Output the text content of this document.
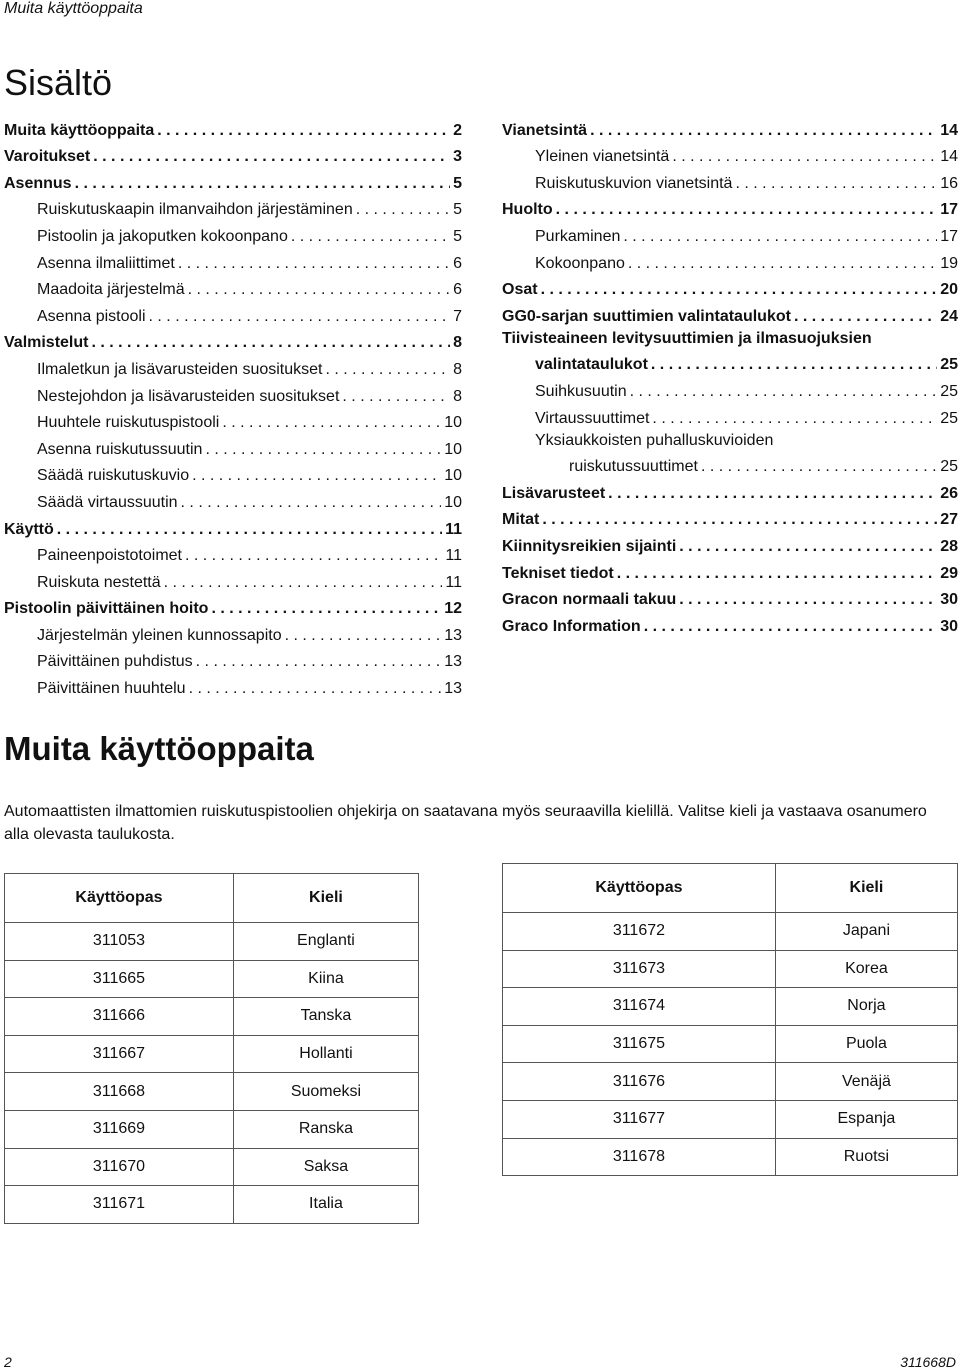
Muita käyttöoppaita
Sisältö
Muita käyttöoppaita . . .	2
Varoitukset . . .	3
Asennus . . .	5
Ruiskutuskaapin ilmanvaihdon järjestäminen . . .	5
Pistoolin ja jakoputken kokoonpano . . .	5
Asenna ilmaliittimet . . .	6
Maadoita järjestelmä . . .	6
Asenna pistooli . . .	7
Valmistelut . . .	8
Ilmaletkun ja lisävarusteiden suositukset . . .	8
Nestejohdon ja lisävarusteiden suositukset . . .	8
Huuhtele ruiskutuspistooli . . .	10
Asenna ruiskutussuutin . . .	10
Säädä ruiskutuskuvio . . .	10
Säädä virtaussuutin . . .	10
Käyttö . . .	11
Paineenpoistotoimet . . .	11
Ruiskuta nestettä . . .	11
Pistoolin päivittäinen hoito . . .	12
Järjestelmän yleinen kunnossapito . . .	13
Päivittäinen puhdistus . . .	13
Päivittäinen huuhtelu . . .	13
Vianetsintä . . .	14
Yleinen vianetsintä . . .	14
Ruiskutuskuvion vianetsintä . . .	16
Huolto . . .	17
Purkaminen . . .	17
Kokoonpano . . .	19
Osat . . .	20
GG0-sarjan suuttimien valintataulukot . . .	24
Tiivisteaineen levitysuuttimien ja ilmasuojuksien
valintataulukot . . .	25
Suihkusuutin . . .	25
Virtaussuuttimet . . .	25
Yksiaukkoisten puhalluskuvioiden
ruiskutussuuttimet . . .	25
Lisävarusteet . . .	26
Mitat . . .	27
Kiinnitysreikien sijainti . . .	28
Tekniset tiedot . . .	29
Gracon normaali takuu . . .	30
Graco Information . . .	30
Muita käyttöoppaita

Automaattisten ilmattomien ruiskutuspistoolien ohjekirja on saatavana myös seuraavilla kielillä. Valitse kieli ja vastaava osanumero alla olevasta taulukosta.

Käyttöopas	Kieli
311053	Englanti
311665	Kiina
311666	Tanska
311667	Hollanti
311668	Suomeksi
311669	Ranska
311670	Saksa
311671	Italia
Käyttöopas	Kieli
311672	Japani
311673	Korea
311674	Norja
311675	Puola
311676	Venäjä
311677	Espanja
311678	Ruotsi
2	311668D
